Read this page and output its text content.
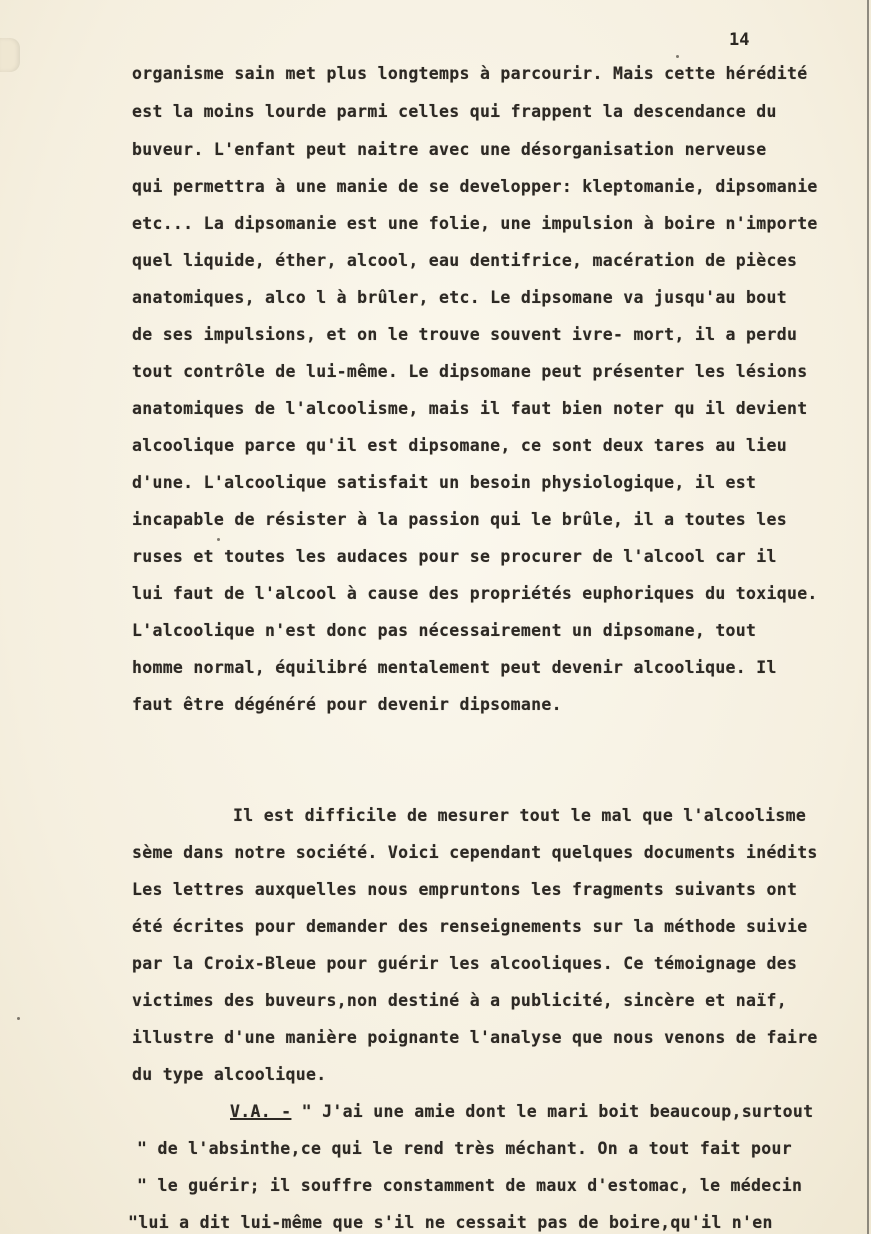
14

organisme sain met plus longtemps à parcourir. Mais cette hérédité

est la moins lourde parmi celles qui frappent la descendance du

buveur. L'enfant peut naitre avec une désorganisation nerveuse

qui permettra à une manie de se developper: kleptomanie, dipsomanie

etc... La dipsomanie est une folie, une impulsion à boire n'importe

quel liquide, éther, alcool, eau dentifrice, macération de pièces

anatomiques, alco l à brûler, etc. Le dipsomane va jusqu'au bout

de ses impulsions, et on le trouve souvent ivre- mort, il a perdu

tout contrôle de lui-même. Le dipsomane peut présenter les lésions

anatomiques de l'alcoolisme, mais il faut bien noter qu il devient

alcoolique parce qu'il est dipsomane, ce sont deux tares au lieu

d'une. L'alcoolique satisfait un besoin physiologique, il est

incapable de résister à la passion qui le brûle, il a toutes les

ruses et toutes les audaces pour se procurer de l'alcool car il

lui faut de l'alcool à cause des propriétés euphoriques du toxique.

L'alcoolique n'est donc pas nécessairement un dipsomane, tout

homme normal, équilibré mentalement peut devenir alcoolique. Il

faut être dégénéré pour devenir dipsomane.

Il est difficile de mesurer tout le mal que l'alcoolisme

sème dans notre société. Voici cependant quelques documents inédits

Les lettres auxquelles nous empruntons les fragments suivants ont

été écrites pour demander des renseignements sur la méthode suivie

par la Croix-Bleue pour guérir les alcooliques. Ce témoignage des

victimes des buveurs,non destiné à a publicité, sincère et naïf,

illustre d'une manière poignante l'analyse que nous venons de faire

du type alcoolique.

V.A. - " J'ai une amie dont le mari boit beaucoup,surtout

" de l'absinthe,ce qui le rend très méchant. On a tout fait pour

" le guérir; il souffre constamment de maux d'estomac, le médecin

"lui a dit lui-même que s'il ne cessait pas de boire,qu'il n'en
